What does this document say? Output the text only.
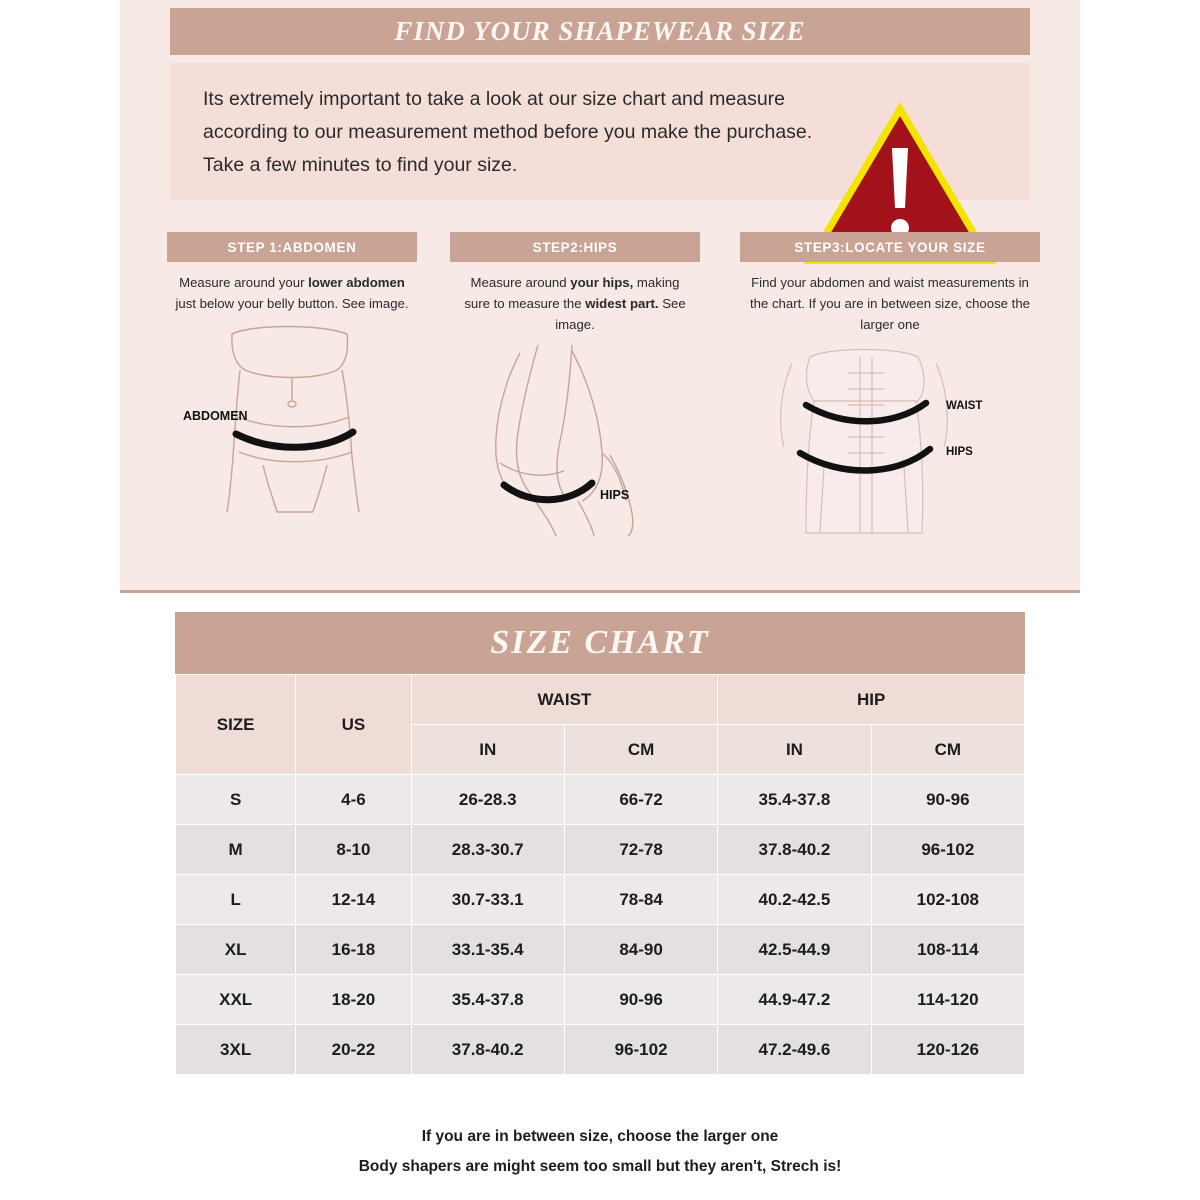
FIND YOUR SHAPEWEAR SIZE
Its extremely important to take a look at our size chart and measure according to our measurement method before you make the purchase. Take a few minutes to find your size.
STEP 1:ABDOMEN
Measure around your lower abdomen just below your belly button. See image.
ABDOMEN
STEP2:HIPS
Measure around your hips, making sure to measure the widest part. See image.
HIPS
STEP3:LOCATE YOUR SIZE
Find your abdomen and waist measurements in the chart. If you are in between size, choose the larger one
WAIST
HIPS
SIZE CHART
SIZE	US	WAIST		HIP	
		IN	CM	IN	CM
S	4-6	26-28.3	66-72	35.4-37.8	90-96
M	8-10	28.3-30.7	72-78	37.8-40.2	96-102
L	12-14	30.7-33.1	78-84	40.2-42.5	102-108
XL	16-18	33.1-35.4	84-90	42.5-44.9	108-114
XXL	18-20	35.4-37.8	90-96	44.9-47.2	114-120
3XL	20-22	37.8-40.2	96-102	47.2-49.6	120-126
If you are in between size, choose the larger one
Body shapers are might seem too small but they aren't, Strech is!
